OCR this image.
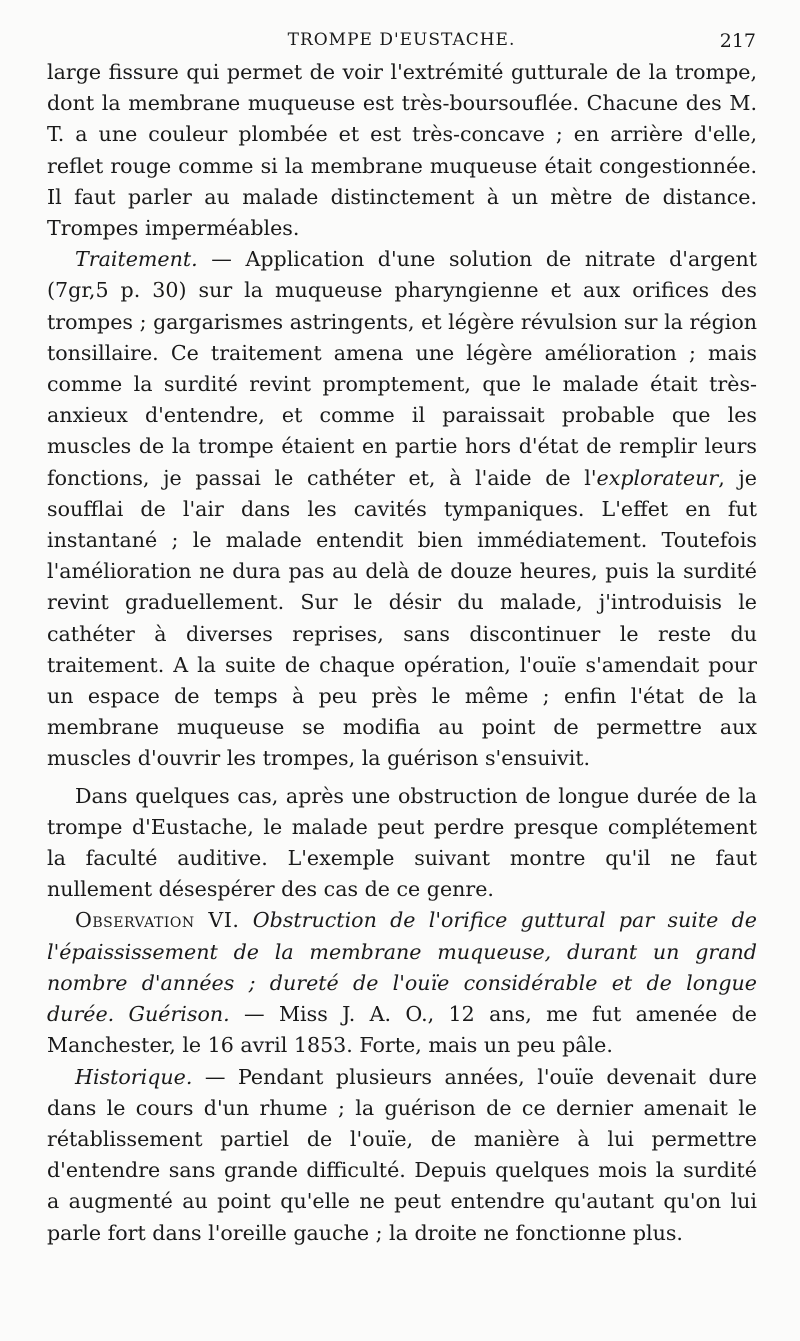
TROMPE D'EUSTACHE.	217

large fissure qui permet de voir l'extrémité gutturale de la trompe, dont la membrane muqueuse est très-boursouflée. Chacune des M. T. a une couleur plombée et est très-concave ; en arrière d'elle, reflet rouge comme si la membrane muqueuse était congestionnée. Il faut parler au malade distinctement à un mètre de distance. Trompes imperméables.

Traitement. — Application d'une solution de nitrate d'argent (7gr,5 p. 30) sur la muqueuse pharyngienne et aux orifices des trompes ; gargarismes astringents, et légère révulsion sur la région tonsillaire. Ce traitement amena une légère amélioration ; mais comme la surdité revint promptement, que le malade était très-anxieux d'entendre, et comme il paraissait probable que les muscles de la trompe étaient en partie hors d'état de remplir leurs fonctions, je passai le cathéter et, à l'aide de l'explorateur, je soufflai de l'air dans les cavités tympaniques. L'effet en fut instantané ; le malade entendit bien immédiatement. Toutefois l'amélioration ne dura pas au delà de douze heures, puis la surdité revint graduellement. Sur le désir du malade, j'introduisis le cathéter à diverses reprises, sans discontinuer le reste du traitement. A la suite de chaque opération, l'ouïe s'amendait pour un espace de temps à peu près le même ; enfin l'état de la membrane muqueuse se modifia au point de permettre aux muscles d'ouvrir les trompes, la guérison s'ensuivit.

Dans quelques cas, après une obstruction de longue durée de la trompe d'Eustache, le malade peut perdre presque complétement la faculté auditive. L'exemple suivant montre qu'il ne faut nullement désespérer des cas de ce genre.

Observation VI. Obstruction de l'orifice guttural par suite de l'épaississement de la membrane muqueuse, durant un grand nombre d'années ; dureté de l'ouïe considérable et de longue durée. Guérison. — Miss J. A. O., 12 ans, me fut amenée de Manchester, le 16 avril 1853. Forte, mais un peu pâle.

Historique. — Pendant plusieurs années, l'ouïe devenait dure dans le cours d'un rhume ; la guérison de ce dernier amenait le rétablissement partiel de l'ouïe, de manière à lui permettre d'entendre sans grande difficulté. Depuis quelques mois la surdité a augmenté au point qu'elle ne peut entendre qu'autant qu'on lui parle fort dans l'oreille gauche ; la droite ne fonctionne plus.
